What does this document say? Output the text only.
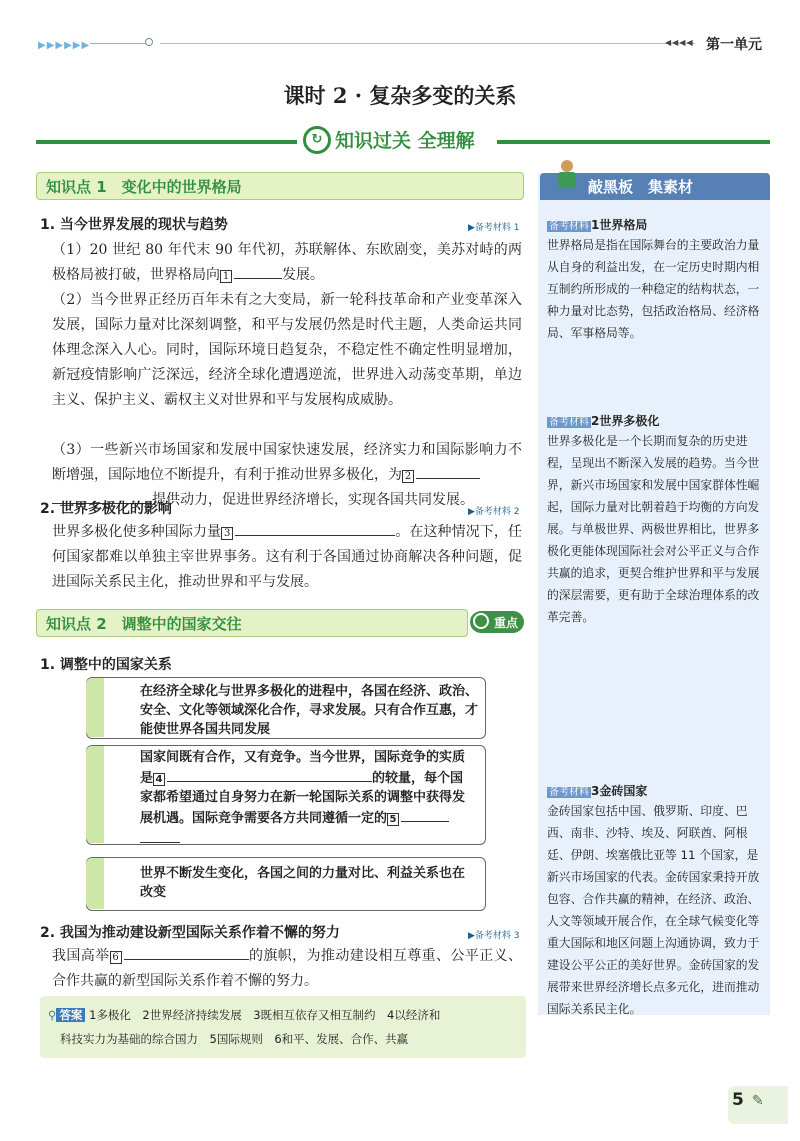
▶▶▶▶▶▶	◀◀◀◀ 第一单元
课时 2 · 复杂多变的关系
↻ 知识过关 全理解
知识点 1　变化中的世界格局
1. 当今世界发展的现状与趋势	▶备考材料 1
（1）20 世纪 80 年代末 90 年代初，苏联解体、东欧剧变，美苏对峙的两极格局被打破，世界格局向 1	发展。
（2）当今世界正经历百年未有之大变局，新一轮科技革命和产业变革深入发展，国际力量对比深刻调整，和平与发展仍然是时代主题，人类命运共同体理念深入人心。同时，国际环境日趋复杂，不稳定性不确定性明显增加，新冠疫情影响广泛深远，经济全球化遭遇逆流，世界进入动荡变革期，单边主义、保护主义、霸权主义对世界和平与发展构成威胁。
（3）一些新兴市场国家和发展中国家快速发展，经济实力和国际影响力不断增强，国际地位不断提升，有利于推动世界多极化，为 2
提供动力，促进世界经济增长，实现各国共同发展。
2. 世界多极化的影响	▶备考材料 2
世界多极化使多种国际力量 3	。在这种情况下，任何国家都难以单独主宰世界事务。这有利于各国通过协商解决各种问题，促进国际关系民主化，推动世界和平与发展。
知识点 2　调整中的国家交往	重点
1. 调整中的国家关系
在经济全球化与世界多极化的进程中，各国在经济、政治、安全、文化等领域深化合作，寻求发展。只有合作互惠，才能使世界各国共同发展
国家间既有合作，又有竞争。当今世界，国际竞争的实质是 4	的较量，每个国家都希望通过自身努力在新一轮国际关系的调整中获得发展机遇。国际竞争需要各方共同遵循一定的 5

世界不断发生变化，各国之间的力量对比、利益关系也在改变
2. 我国为推动建设新型国际关系作着不懈的努力	▶备考材料 3
我国高举 6	的旗帜，为推动建设相互尊重、公平正义、合作共赢的新型国际关系作着不懈的努力。
⚲ 答案 1多极化　2世界经济持续发展　3既相互依存又相互制约　4以经济和
科技实力为基础的综合国力　5国际规则　6和平、发展、合作、共赢
敲黑板　集素材
备考材料 1世界格局
世界格局是指在国际舞台的主要政治力量从自身的利益出发，在一定历史时期内相互制约所形成的一种稳定的结构状态，一种力量对比态势，包括政治格局、经济格局、军事格局等。
备考材料 2世界多极化
世界多极化是一个长期而复杂的历史进程，呈现出不断深入发展的趋势。当今世界，新兴市场国家和发展中国家群体性崛起，国际力量对比朝着趋于均衡的方向发展。与单极世界、两极世界相比，世界多极化更能体现国际社会对公平正义与合作共赢的追求，更契合维护世界和平与发展的深层需要，更有助于全球治理体系的改革完善。
备考材料 3金砖国家
金砖国家包括中国、俄罗斯、印度、巴西、南非、沙特、埃及、阿联酋、阿根廷、伊朗、埃塞俄比亚等 11 个国家，是新兴市场国家的代表。金砖国家秉持开放包容、合作共赢的精神，在经济、政治、人文等领域开展合作，在全球气候变化等重大国际和地区问题上沟通协调，致力于建设公平公正的美好世界。金砖国家的发展带来世界经济增长点多元化，进而推动国际关系民主化。
5 ✎
